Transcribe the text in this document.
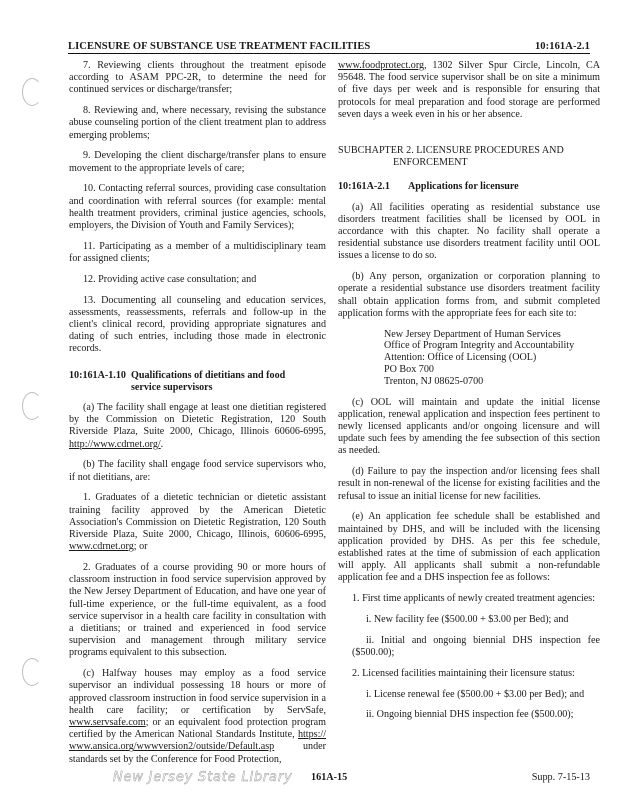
LICENSURE OF SUBSTANCE USE TREATMENT FACILITIES	10:161A-2.1

7. Reviewing clients throughout the treatment episode according to ASAM PPC-2R, to determine the need for continued services or discharge/transfer;

8. Reviewing and, where necessary, revising the substance abuse counseling portion of the client treatment plan to address emerging problems;

9. Developing the client discharge/transfer plans to ensure movement to the appropriate levels of care;

10. Contacting referral sources, providing case consultation and coordination with referral sources (for example: mental health treatment providers, criminal justice agencies, schools, employers, the Division of Youth and Family Services);

11. Participating as a member of a multidisciplinary team for assigned clients;

12. Providing active case consultation; and

13. Documenting all counseling and education services, assessments, reassessments, referrals and follow-up in the client's clinical record, providing appropriate signatures and dating of such entries, including those made in electronic records.

10:161A-1.10 Qualifications of dietitians and food
service supervisors

(a) The facility shall engage at least one dietitian registered by the Commission on Dietetic Registration, 120 South Riverside Plaza, Suite 2000, Chicago, Illinois 60606-6995, http://www.cdrnet.org/.

(b) The facility shall engage food service supervisors who, if not dietitians, are:

1. Graduates of a dietetic technician or dietetic assistant training facility approved by the American Dietetic Association's Commission on Dietetic Registration, 120 South Riverside Plaza, Suite 2000, Chicago, Illinois, 60606-6995, www.cdrnet.org; or

2. Graduates of a course providing 90 or more hours of classroom instruction in food service supervision approved by the New Jersey Department of Education, and have one year of full-time experience, or the full-time equivalent, as a food service supervisor in a health care facility in consultation with a dietitians; or trained and experienced in food service supervision and management through military service programs equivalent to this subsection.

(c) Halfway houses may employ as a food service supervisor an individual possessing 18 hours or more of approved classroom instruction in food service supervision in a health care facility; or certification by ServSafe, www.servsafe.com; or an equivalent food protection program certified by the American National Standards Institute, https://www.ansica.org/wwwversion2/outside/Default.asp under standards set by the Conference for Food Protection,

www.foodprotect.org, 1302 Silver Spur Circle, Lincoln, CA 95648. The food service supervisor shall be on site a minimum of five days per week and is responsible for ensuring that protocols for meal preparation and food storage are performed seven days a week even in his or her absence.

SUBCHAPTER 2. LICENSURE PROCEDURES AND
ENFORCEMENT

10:161A-2.1 Applications for licensure

(a) All facilities operating as residential substance use disorders treatment facilities shall be licensed by OOL in accordance with this chapter. No facility shall operate a residential substance use disorders treatment facility until OOL issues a license to do so.

(b) Any person, organization or corporation planning to operate a residential substance use disorders treatment facility shall obtain application forms from, and submit completed application forms with the appropriate fees for each site to:

New Jersey Department of Human Services
Office of Program Integrity and Accountability
Attention: Office of Licensing (OOL)
PO Box 700
Trenton, NJ 08625-0700

(c) OOL will maintain and update the initial license application, renewal application and inspection fees pertinent to newly licensed applicants and/or ongoing licensure and will update such fees by amending the fee subsection of this section as needed.

(d) Failure to pay the inspection and/or licensing fees shall result in non-renewal of the license for existing facilities and the refusal to issue an initial license for new facilities.

(e) An application fee schedule shall be established and maintained by DHS, and will be included with the licensing application provided by DHS. As per this fee schedule, established rates at the time of submission of each application will apply. All applicants shall submit a non-refundable application fee and a DHS inspection fee as follows:

1. First time applicants of newly created treatment agencies:

i. New facility fee ($500.00 + $3.00 per Bed); and

ii. Initial and ongoing biennial DHS inspection fee ($500.00);

2. Licensed facilities maintaining their licensure status:

i. License renewal fee ($500.00 + $3.00 per Bed); and

ii. Ongoing biennial DHS inspection fee ($500.00);

New Jersey State Library 161A-15	Supp. 7-15-13
